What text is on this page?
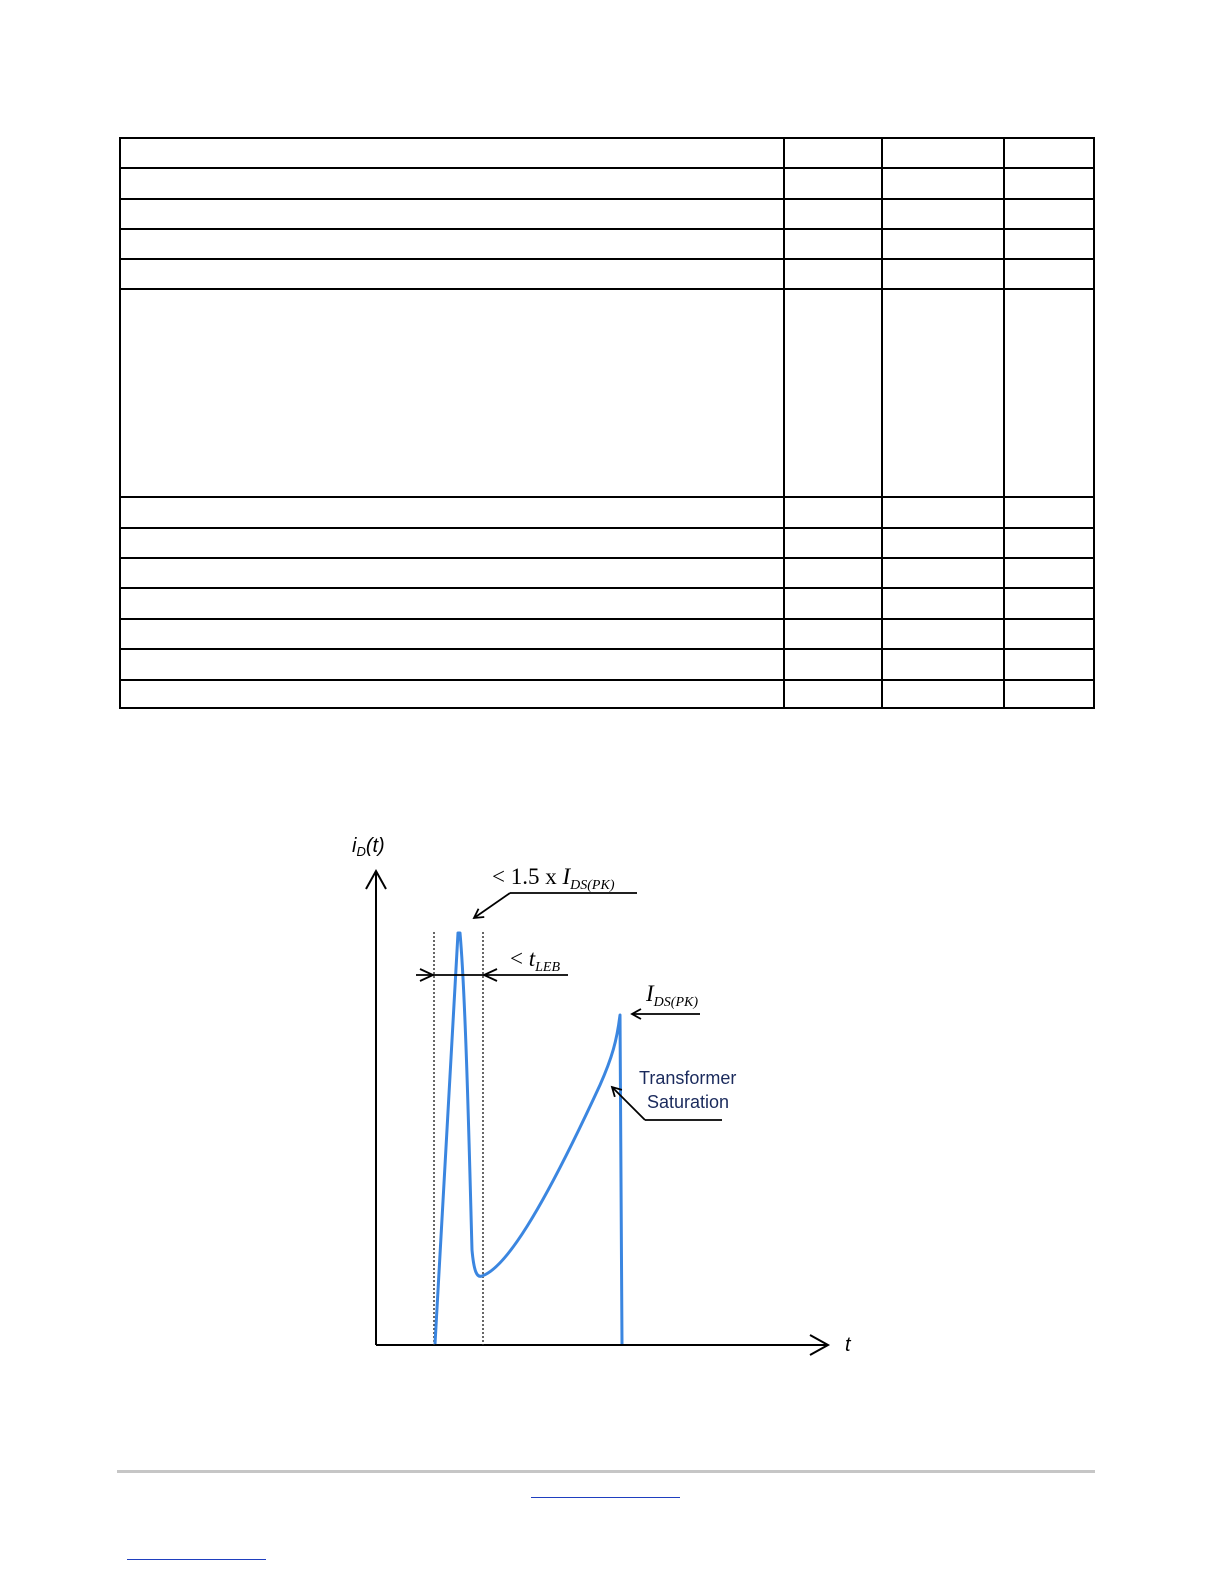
$i_D(t)$
t
< 1.5 x $I_{DS(PK)}$
< $t_{LEB}$
$I_{DS(PK)}$
Transformer
Saturation
